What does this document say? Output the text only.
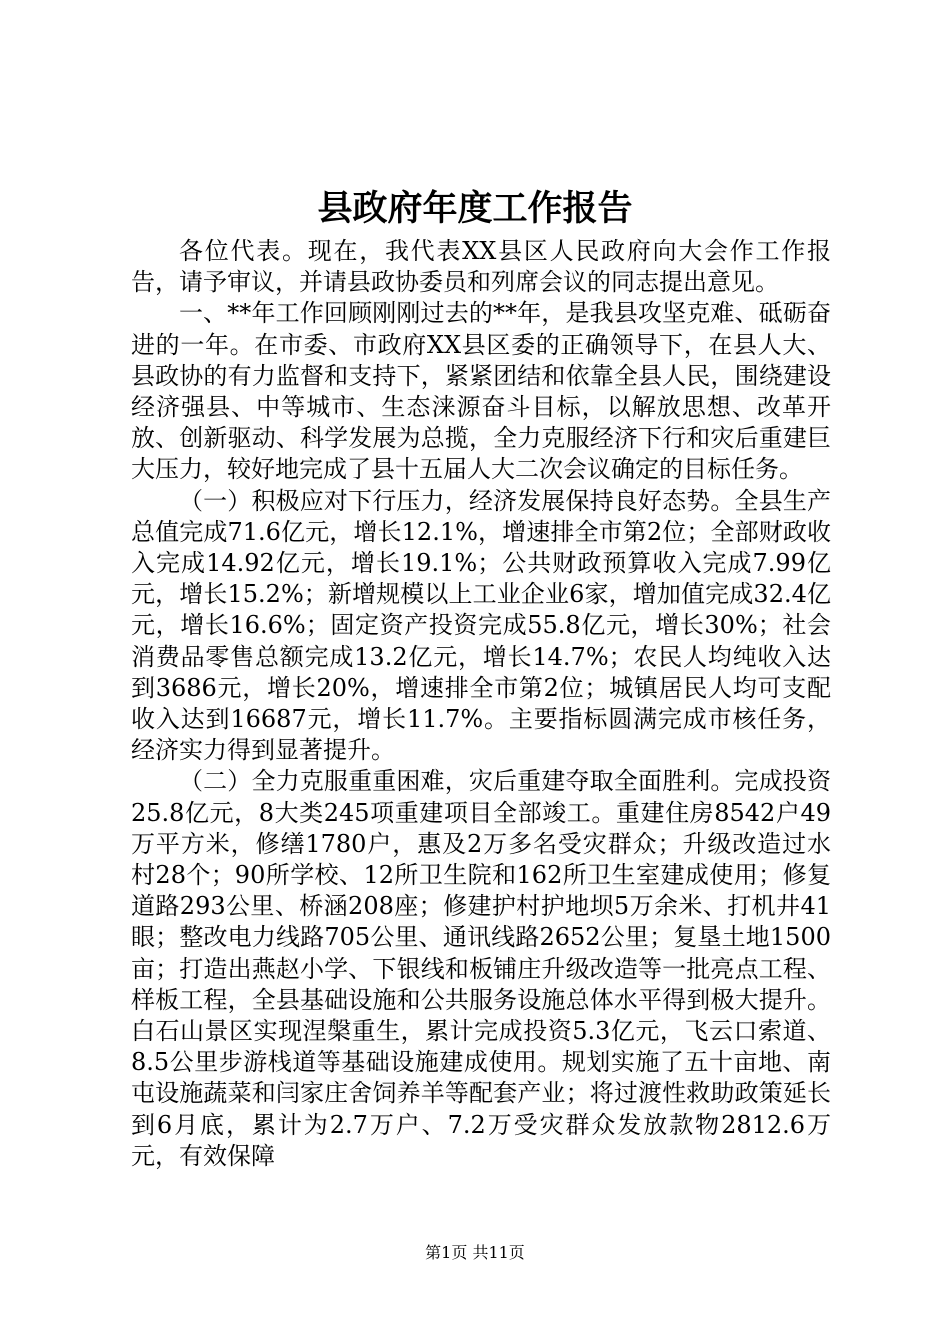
县政府年度工作报告

各位代表。现在，我代表XX县区人民政府向大会作工作报告，请予审议，并请县政协委员和列席会议的同志提出意见。

一、**年工作回顾刚刚过去的**年，是我县攻坚克难、砥砺奋进的一年。在市委、市政府XX县区委的正确领导下，在县人大、县政协的有力监督和支持下，紧紧团结和依靠全县人民，围绕建设经济强县、中等城市、生态涞源奋斗目标，以解放思想、改革开放、创新驱动、科学发展为总揽，全力克服经济下行和灾后重建巨大压力，较好地完成了县十五届人大二次会议确定的目标任务。

（一）积极应对下行压力，经济发展保持良好态势。全县生产总值完成71.6亿元，增长12.1%，增速排全市第2位；全部财政收入完成14.92亿元，增长19.1%；公共财政预算收入完成7.99亿元，增长15.2%；新增规模以上工业企业6家，增加值完成32.4亿元，增长16.6%；固定资产投资完成55.8亿元，增长30%；社会消费品零售总额完成13.2亿元，增长14.7%；农民人均纯收入达到3686元，增长20%，增速排全市第2位；城镇居民人均可支配收入达到16687元，增长11.7%。主要指标圆满完成市核任务，经济实力得到显著提升。

（二）全力克服重重困难，灾后重建夺取全面胜利。完成投资25.8亿元，8大类245项重建项目全部竣工。重建住房8542户49万平方米，修缮1780户，惠及2万多名受灾群众；升级改造过水村28个；90所学校、12所卫生院和162所卫生室建成使用；修复道路293公里、桥涵208座；修建护村护地坝5万余米、打机井41眼；整改电力线路705公里、通讯线路2652公里；复垦土地1500亩；打造出燕赵小学、下银线和板铺庄升级改造等一批亮点工程、样板工程，全县基础设施和公共服务设施总体水平得到极大提升。白石山景区实现涅槃重生，累计完成投资5.3亿元，飞云口索道、8.5公里步游栈道等基础设施建成使用。规划实施了五十亩地、南屯设施蔬菜和闫家庄舍饲养羊等配套产业；将过渡性救助政策延长到6月底，累计为2.7万户、7.2万受灾群众发放款物2812.6万元，有效保障

第1页 共11页
